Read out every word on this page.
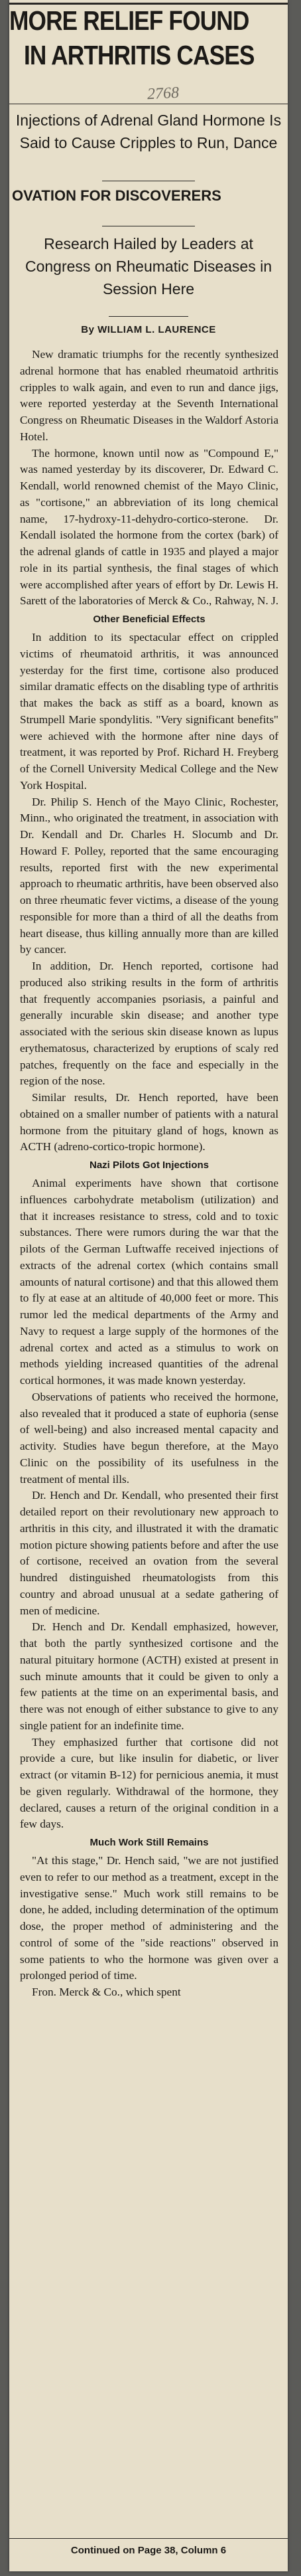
MORE RELIEF FOUND
IN ARTHRITIS CASES
2768
Injections of Adrenal Gland Hormone Is Said to Cause Cripples to Run, Dance
OVATION FOR DISCOVERERS
Research Hailed by Leaders at Congress on Rheumatic Diseases in Session Here
By WILLIAM L. LAURENCE

New dramatic triumphs for the recently synthesized adrenal hormone that has enabled rheumatoid arthritis cripples to walk again, and even to run and dance jigs, were reported yesterday at the Seventh International Congress on Rheumatic Diseases in the Waldorf Astoria Hotel.

The hormone, known until now as "Compound E," was named yesterday by its discoverer, Dr. Edward C. Kendall, world renowned chemist of the Mayo Clinic, as "cortisone," an abbreviation of its long chemical name, 17-hydroxy-11-dehydro-cortico-sterone. Dr. Kendall isolated the hormone from the cortex (bark) of the adrenal glands of cattle in 1935 and played a major role in its partial synthesis, the final stages of which were accomplished after years of effort by Dr. Lewis H. Sarett of the laboratories of Merck & Co., Rahway, N. J.

Other Beneficial Effects

In addition to its spectacular effect on crippled victims of rheumatoid arthritis, it was announced yesterday for the first time, cortisone also produced similar dramatic effects on the disabling type of arthritis that makes the back as stiff as a board, known as Strumpell Marie spondylitis. "Very significant benefits" were achieved with the hormone after nine days of treatment, it was reported by Prof. Richard H. Freyberg of the Cornell University Medical College and the New York Hospital.

Dr. Philip S. Hench of the Mayo Clinic, Rochester, Minn., who originated the treatment, in association with Dr. Kendall and Dr. Charles H. Slocumb and Dr. Howard F. Polley, reported that the same encouraging results, reported first with the new experimental approach to rheumatic arthritis, have been observed also on three rheumatic fever victims, a disease of the young responsible for more than a third of all the deaths from heart disease, thus killing annually more than are killed by cancer.

In addition, Dr. Hench reported, cortisone had produced also striking results in the form of arthritis that frequently accompanies psoriasis, a painful and generally incurable skin disease; and another type associated with the serious skin disease known as lupus erythematosus, characterized by eruptions of scaly red patches, frequently on the face and especially in the region of the nose.

Similar results, Dr. Hench reported, have been obtained on a smaller number of patients with a natural hormone from the pituitary gland of hogs, known as ACTH (adreno-cortico-tropic hormone).

Nazi Pilots Got Injections

Animal experiments have shown that cortisone influences carbohydrate metabolism (utilization) and that it increases resistance to stress, cold and to toxic substances. There were rumors during the war that the pilots of the German Luftwaffe received injections of extracts of the adrenal cortex (which contains small amounts of natural cortisone) and that this allowed them to fly at ease at an altitude of 40,000 feet or more. This rumor led the medical departments of the Army and Navy to request a large supply of the hormones of the adrenal cortex and acted as a stimulus to work on methods yielding increased quantities of the adrenal cortical hormones, it was made known yesterday.

Observations of patients who received the hormone, also revealed that it produced a state of euphoria (sense of well-being) and also increased mental capacity and activity. Studies have begun therefore, at the Mayo Clinic on the possibility of its usefulness in the treatment of mental ills.

Dr. Hench and Dr. Kendall, who presented their first detailed report on their revolutionary new approach to arthritis in this city, and illustrated it with the dramatic motion picture showing patients before and after the use of cortisone, received an ovation from the several hundred distinguished rheumatologists from this country and abroad unusual at a sedate gathering of men of medicine.

Dr. Hench and Dr. Kendall emphasized, however, that both the partly synthesized cortisone and the natural pituitary hormone (ACTH) existed at present in such minute amounts that it could be given to only a few patients at the time on an experimental basis, and there was not enough of either substance to give to any single patient for an indefinite time.

They emphasized further that cortisone did not provide a cure, but like insulin for diabetic, or liver extract (or vitamin B-12) for pernicious anemia, it must be given regularly. Withdrawal of the hormone, they declared, causes a return of the original condition in a few days.

Much Work Still Remains

"At this stage," Dr. Hench said, "we are not justified even to refer to our method as a treatment, except in the investigative sense." Much work still remains to be done, he added, including determination of the optimum dose, the proper method of administering and the control of some of the "side reactions" observed in some patients to who the hormone was given over a prolonged period of time.

Fron. Merck & Co., which spent

Continued on Page 38, Column 6
